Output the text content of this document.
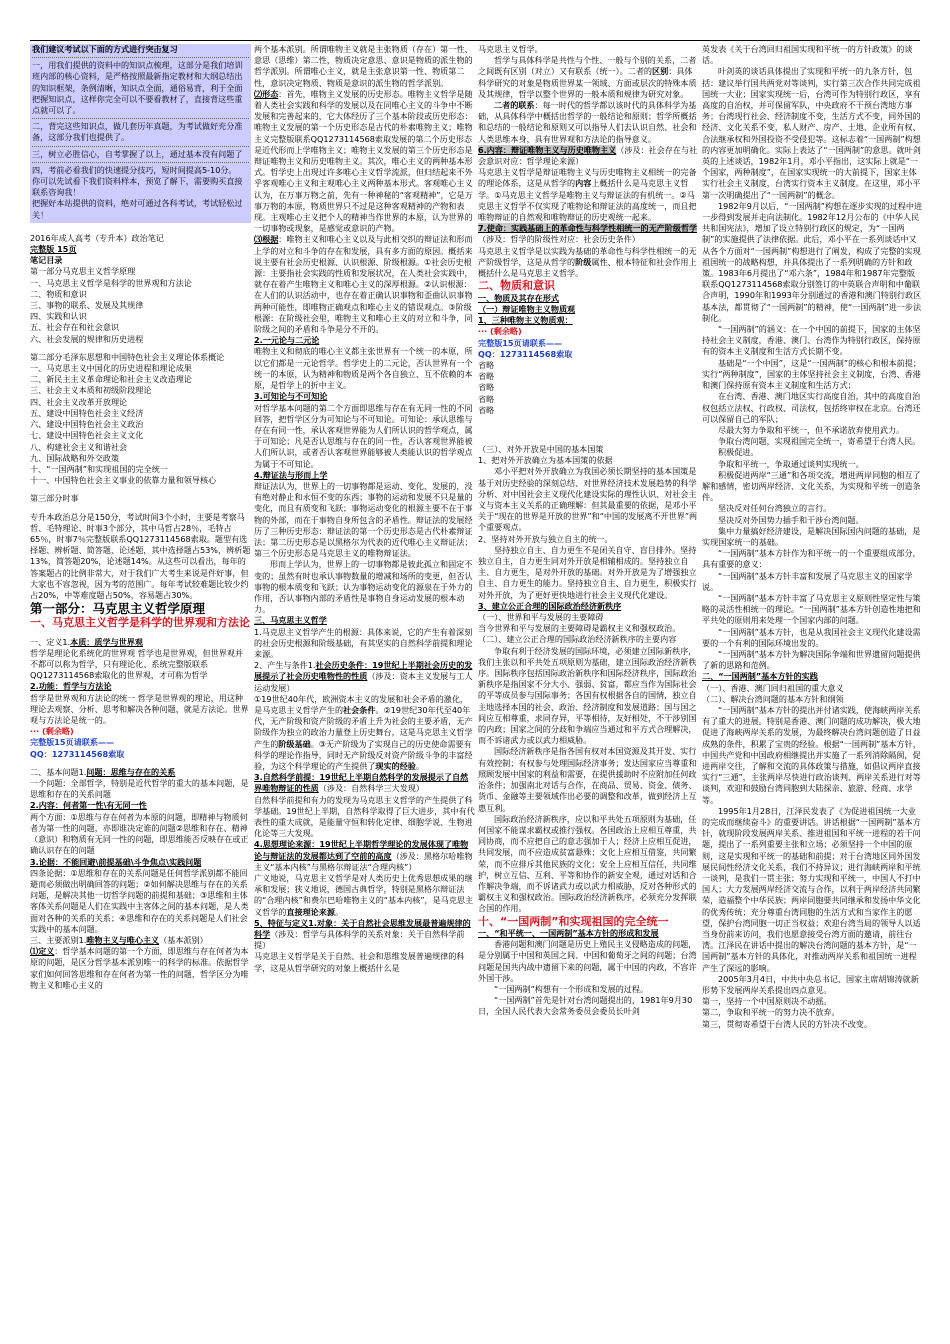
我们建议考试以下面的方式进行突击复习

一，用我们提供的资料中的知识点梳理，这部分是我们培训班内部的核心资料，是严格按照最新指定教材和大纲总结出的知识框架，条例清晰，知识点全面，通俗易背，利于全面把握知识点，这样你完全可以不要看教材了，直接背这些重点就可以了。

二，背完这些知识点，做几套历年真题，为考试做好充分准备，这部分我们也提供了。

三，树立必胜信心，自考掌握了以上，通过基本没有问题了

四，考前必看我们的快速提分技巧，短时间提高5-10分。

你可以先试看下我们资料样本，预览了解下，需要购买直接联系咨询我！

把握好本站提供的资料，绝对可通过各科考试，考试轻松过关！

2016年成人高考（专升本）政治笔记

完整版 15页

笔记目录

第一部分马克思主义哲学原理

一、马克思主义哲学是科学的世界观和方法论

二、物质和意识

三、事物的联系、发展及其规律

四、实践和认识

五、社会存在和社会意识

六、社会发展的规律和历史进程

第二部分毛泽东思想和中国特色社会主义理论体系概论

一、马克思主义中国化的历史进程和理论成果

二、新民主主义革命理论和社会主义改造理论

三、社会主义本质和初级阶段理论

四、社会主义改革开放理论

五、建设中国特色社会主义经济

六、建设中国特色社会主义政治

七、建设中国特色社会主义文化

八、构建社会主义和谐社会

九、国际战略和外交政策

十、“一国两制”和实现祖国的完全统一

十一、中国特色社会主义事业的依靠力量和领导核心

第三部分时事

专升本政治总分是150分，考试时间3个小时，主要是考察马哲、毛特理论、时事3个部分，其中马哲占28％，毛特占65％，时事7％完整版联系QQ1273114568索取。题型有选择题、辨析题、简答题、论述题，其中选择题占53%，辨析题13%，简答题20%，论述题14%。从这些可以看出，每年的答案题占的比例非常大，对于我们广大考生来说是件好事，但大家也不容忽视，因为考的范围广。每年考试较难题比较少约占20%，中等难度题占50%，容易题占30%。

第一部分：马克思主义哲学原理

一、马克思主义哲学是科学的世界观和方法论

一、定义1.本质：质学与世界观

哲学是理论化系统化的世界观 哲学也是世界观，但世界观并不都可以称为哲学，只有理论化、系统完整版联系QQ1273114568索取化的世界观，才可称为哲学

2.功能：哲学与方法论

哲学是世界观和方法论的统一 哲学是世界观的理论，用这种理论去观察、分析、思考和解决各种问题，就是方法论。世界观与方法论是统一的。

··· (剩余略)

完整版15页请联系——

QQ：1273114568索取

二、基本问题1.问题：思维与存在的关系

一个问题：全部哲学，特别是近代哲学的重大的基本问题，是思维和存在的关系问题

2.内容：何者第一性\有无同一性

两个方面：①思维与存在何者为本原的问题，即精神与物质何者为第一性的问题，亦即谁决定谁的问题②思维和存在、精神（意识）和物质有无同一性的问题，即思维能否反映存在或正确认识存在的问题

3.论据：不能回避\前提基础\斗争焦点\实践问题

四条论据：①思维和存在的关系问题是任何哲学派别都不能回避而必须做出明确回答的问题；②如何解决思维与存在的关系问题，是解决其他一切哲学问题的前提和基础；③思维和主体客体关系问题是人们在实践中主客体之间的基本问题，是人类面对各种的关系的关系；④思维和存在的关系问题是人们社会实践中的基本问题。

三、主要派别1.唯物主义与唯心主义（基本派别）

⑴定义：哲学基本问题的第一个方面，即思维与存在何者为本原的问题，是区分哲学基本派别唯一的科学的标准。依据哲学家们如何回答思维和存在何者为第一性的问题，哲学区分为唯物主义和唯心主义的

两个基本派别。所谓唯物主义就是主张物质（存在）第一性、意思（思维）第二性，物质决定意思、意识是物质的派生物的哲学派别。所谓唯心主义，就是主张意识第一性、物质第二性，意识决定物质、物质是意识的派生物的哲学派别。

⑵形态：首先，唯物主义发展的历史形态。唯物主义哲学是随着人类社会实践和科学的发展以及在同唯心主义的斗争中不断发展和完善起来的，它大体经历了三个基本阶段或历史形态：唯物主义发展的第一个历史形态是古代的朴素唯物主义；唯物主义完整版联系QQ1273114568索取发展的第二个历史形态是近代形而上学唯物主义；唯物主义发展的第三个历史形态是辩证唯物主义和历史唯物主义。其次，唯心主义的两种基本形式。哲学史上出现过许多唯心主义哲学流派，但归结起来不外乎客观唯心主义和主观唯心主义两种基本形式。客观唯心主义认为，在万事万物之前，先有一种神秘的“客观精神”，它是万事万物的本原，物质世界只不过是这种客观精神的产物和表现。主观唯心主义把个人的精神当作世界的本原，认为世界的一切事物或现象，是感觉或意识的产物。

⑶根据：唯物主义和唯心主义以及与此相交织的辩证法和形而上学的对立和斗争的存在和发展，具有多方面的原因。概括来说主要有社会历史根源、认识根源、阶级根源。①社会历史根源：主要指社会实践的性质和发展状况，在人类社会实践中，就存在着产生唯物主义和唯心主义的深厚根源。②认识根源：在人们的认识活动中，也存在着正确认识事物和歪曲认识事物两种可能性，即唯物正确观点和唯心主义的错误观点。③阶级根源：在阶级社会里，唯物主义和唯心主义的对立和斗争，同阶级之间的矛盾和斗争是分不开的。

2.一元论与二元论

唯物主义和彻底的唯心主义都主张世界有一个统一的本原，所以它们都是一元论哲学。哲学史上的二元论，否认世界有一个统一的本原，认为精神和物质是两个各自独立、互不依赖的本原，是哲学上的折中主义。

3.可知论与不可知论

对哲学基本问题的第二个方面即思维与存在有无同一性的不同回答，把哲学区分为可知论与不可知论。可知论：承认思维与存在有同一性，承认客观世界能为人们所认识的哲学观点，属于可知论；凡是否认思维与存在的同一性，否认客观世界能被人们所认识，或者否认客观世界能够被人类能认识的哲学观点为属于不可知论。

4.辩证法与形而上学

辩证法认为，世界上的一切事物都是运动、变化、发展的，没有绝对静止和永恒不变的东西；事物的运动和发展不只是量的变化，而且有质变和飞跃；事物运动变化的根源主要不在于事物的外部，而在于事物自身所包含的矛盾性。辩证法的发展经历了三种历史形态：辩证法的第一个历史形态是古代朴素辩证法；第二历史形态是以黑格尔为代表的近代唯心主义辩证法；第三个历史形态是马克思主义的唯物辩证法。

形而上学认为，世界上的一切事物都是彼此孤立和固定不变的；虽然有时也承认事物数量的增减和场所的变更，但否认事物的根本质变和飞跃；认为事物运动变化的源泉在于外力的作用，否认事物内部的矛盾性是事物自身运动发展的根本动力。

三、马克思主义哲学

1.马克思主义哲学产生的根源：具体来说，它的产生有着深刻的社会历史根源和阶级基础，有其坚实的自然科学前提和理论来源。

2、产生与条件1.社会历史条件：19世纪上半期社会历史的发展提示了社会历史唯物性的性质（涉及：资本主义发展与工人运动发展）

①19世纪40年代，欧洲资本主义的发展和社会矛盾的激化，是马克思主义哲学产生的社会条件。②19世纪30年代至40年代，无产阶级和资产阶级的矛盾上升为社会的主要矛盾，无产阶级作为独立的政治力量登上历史舞台，这是马克思主义哲学产生的阶级基础。③无产阶级为了实现自己的历史使命需要有科学的理论作指导，同时无产阶级反对资产阶级斗争的丰富经验，为这个科学理论的产生提供了现实的经验。

3.自然科学前提：19世纪上半期自然科学的发展提示了自然界唯物辩证的性质（涉及：自然科学三大发现）

自然科学前提和有力的发现为马克思主义哲学的产生提供了科学基础。19世纪上半期，自然科学取得了巨大进步，其中有代表性的重大成就，是能量守恒和转化定律、细胞学说、生物进化论等三大发现。

4.思想理论来源：19世纪上半期哲学理论的发展体现了唯物论与辩证法的发展都达到了空前的高度（涉及：黑格尔哈唯物主义“基本内核”与黑格尔辩证法“合理内核”）

广义地说，马克思主义哲学是对人类历史上优秀思想成果的继承和发展；狭义地说，德国古典哲学，特别是黑格尔辩证法的“合理内核”和费尔巴哈唯物主义的“基本内核”，是马克思主义哲学的直接理论来源。

5、特征与定义1.对象：关于自然社会思维发展最普遍规律的科学（涉及：哲学与具体科学的关系对象：关于自然科学前提）

马克思主义哲学是关于自然、社会和思维发展普遍规律的科学，这是从哲学研究的对象上概括什么是

马克思主义哲学。

哲学与具体科学是共性与个性、一般与个别的关系，二者之间既有区别（对立）又有联系（统一）。二者的区别：具体科学研究的对象是物质世界某一领域、方面或层次的特殊本质及其规律，哲学以整个世界的一般本质和规律为研究对象。

二者的联系：每一时代的哲学都以该时代的具体科学为基础，从具体科学中概括出哲学的一般结论和原则；哲学所概括和总结的一般结论和原则又可以指导人们去认识自然、社会和人类思维本身，具有世界观和方法论的指导意义。

6.内容：辩证唯物主义与历史唯物主义（涉及：社会存在与社会意识对应：哲学理论来源）

马克思主义哲学是辩证唯物主义与历史唯物主义相统一的完备的理论体系，这是从哲学的内容上概括什么是马克思主义哲学。①马克思主义哲学是唯物主义与辩证法的有机统一。②马克思主义哲学不仅实现了唯物论和辩证法的高度统一，而且把唯物辩证的自然观和唯物辩证的历史观统一起来。

7.使命：实践基础上的革命性与科学性相统一的无产阶级哲学（涉及：哲学的阶级性对应：社会历史条件）

马克思主义哲学是以实践为基础的革命性与科学性相统一的无产阶级哲学，这是从哲学的阶级属性、根本特征和社会作用上概括什么是马克思主义哲学。

二、物质和意识

一、物质及其存在形式

（一）辩证唯物主义物质观

1、三种唯物主义物质观：

··· (剩余略)

完整版15页请联系——

QQ：1273114568索取

省略

省略

省略

省略

省略

（三）、对外开放是中国的基本国策

1、把对外开放确立为基本国策的依据

邓小平把对外开放确立为我国必须长期坚持的基本国策是基于对历史经验的深刻总结、对世界经济技术发展趋势的科学分析、对中国社会主义现代化建设实际的理性认识、对社会主义与资本主义关系的正确理解：但其最重要的依据，是邓小平关于“现在的世界是开放的世界”和“中国的发展离不开世界”两个重要观点。

2、坚持对外开放与独立自主的统一。

坚持独立自主、自力更生不是闭关自守、盲目排外。坚持独立自主，自力更生同对外开放是相辅相成的。坚持独立自主、自力更生，是对外开放的基础。对外开放是为了增强独立自主、自力更生的能力。坚持独立自主、自力更生，积极实行对外开放，为了更好更快地进行社会主义现代化建设。

3、建立公正合理的国际政治经济新秩序

（一）、世界和平与发展的主要障碍

当今世界和平与发展的主要障碍是霸权主义和强权政治。

（二）、建立公正合理的国际政治经济新秩序的主要内容

争取有利于经济发展的国际环境，必须建立国际新秩序，我们主张以和平共处五项原则为基础，建立国际政治经济新秩序。国际秩序包括国际政治新秩序和国际经济秩序，国际政治新秩序是指国家不分大小、强弱、贫富，都应当作为国际社会的平等成员参与国际事务；各国有权根据各自的国情，独立自主地选择本国的社会、政治、经济制度和发展道路；国与国之间应互相尊重，求同存异，平等相待，友好相处，不干涉别国的内政；国家之间的分歧和争端应当通过和平方式合理解决，而不诉诸武力或以武力相威胁。

国际经济新秩序是指各国有权对本国资源及其开发、实行有效控制；有权参与处理国际经济事务；发达国家应当尊重和照顾发展中国家的利益和需要，在提供援助时不应附加任何政治条件；加强南北对话与合作，在商品、贸易、资金、债务、货币、金融等主要领域作出必要的调整和改革，做到经济上互惠互利。

国际政治经济新秩序，应以和平共处五项原则为基础，任何国家不能谋求霸权或推行强权。各国政治上应相互尊重，共同协商，而不应把自己的意志强加于人；经济上应相互促进，共同发展，而不应造成贫富悬殊；文化上应相互借鉴，共同繁荣，而不应排斥其他民族的文化；安全上应相互信任，共同维护，树立互信、互利、平等和协作的新安全观，通过对话和合作解决争端，而不诉诸武力或以武力相威胁，反对各种形式的霸权主义和强权政治。国际政治经济新秩序，必须充分发挥联合国的作用。

十、“一国两制”和实现祖国的完全统一

一、“和平统一、一国两制”基本方针的形成和发展

香港问题和澳门问题是历史上殖民主义侵略造成的问题，是分别属于中国和英国之间、中国和葡萄牙之间的问题；台湾问题是国共内战中遗留下来的问题，属于中国的内政，不容许外国干涉。

“一国两制”构想有一个形成和发展的过程。

“一国两制”首先是针对台湾问题提出的，1981年9月30日，全国人民代表大会常务委员会委员长叶剑

英发表《关于台湾回归祖国实现和平统一的方针政策》的谈话。

叶剑英的谈话具体提出了实现和平统一的九条方针，包括：建议举行国共两党对等谈判，实行第三次合作共同完成祖国统一大业；国家实现统一后，台湾可作为特别行政区，享有高度的自治权，并可保留军队，中央政府不干预台湾地方事务；台湾现行社会、经济制度不变，生活方式不变，同外国的经济、文化关系不变，私人财产、房产、土地、企业所有权、合法继承权和外国投资不受侵犯等。这标志着“一国两制”构想的内容更加明确化。实际上表达了“一国两制”的意思。就叶剑英的上述谈话，1982年1月，邓小平指出，这实际上就是“一个国家，两种制度”，在国家实现统一的大前提下，国家主体实行社会主义制度，台湾实行资本主义制度。在这里，邓小平第一次明确提出了“一国两制”的概念。

1982年9月以后，“一国两制”构想在逐步实现的过程中进一步得到发展并走向法制化。1982年12月公布的《中华人民共和国宪法》，增加了设立特别行政区的规定，为“一国两制”的实施提供了法律依据。此后，邓小平在一系列谈话中又从各个方面对“一国两制”构想进行了阐发，构成了完整的实现祖国统一的战略构想，并具体提出了一系列明确的方针和政策。1983年6月提出了“邓六条”，1984年和1987年完整版联系QQ1273114568索取分别签订的中英联合声明和中葡联合声明，1990年和1993年分别通过的香港和澳门特别行政区基本法，都贯彻了“一国两制”的精神，使“一国两制”进一步法制化。

“一国两制”的涵义：在一个中国的前提下，国家的主体坚持社会主义制度，香港、澳门、台湾作为特别行政区，保持原有的资本主义制度和生活方式长期不变。

基础是“一个中国”，这是“一国两制”的核心和根本前提；实行“两种制度”，国家的主体坚持社会主义制度，台湾、香港和澳门保持原有资本主义制度和生活方式；

在台湾、香港、澳门地区实行高度自治，其中的高度自治权包括立法权、行政权、司法权，包括终审权在北京。台湾还可以保留自己的军队；

尽最大努力争取和平统一，但不承诺放弃使用武力。

争取台湾问题，实现祖国完全统一，寄希望于台湾人民。

积极促进。

争取和平统一，争取通过谈判实现统一。

积极促进两岸“三通”和各项交流，增进两岸同胞的相互了解和感情，密切两岸经济、文化关系，为实现和平统一创造条件。

坚决反对任何台湾独立的言行。

坚决反对外国势力插手和干涉台湾问题。

集中力量搞好经济建设，是解决国际国内问题的基础，是实现国家统一的基础。

“一国两制”基本方针作为和平统一的一个重要组成部分，具有重要的意义：

“一国两制”基本方针丰富和发展了马克思主义的国家学说。

“一国两制”基本方针丰富了马克思主义原则性坚定性与策略的灵活性相统一的理论。“一国两制”基本方针创造性地把和平共处的原则用来处理一个国家内部的问题。

“一国两制”基本方针，也是从我国社会主义现代化建设需要的一个有利的国际环境出发的。

“一国两制”基本方针为解决国际争端和世界遗留问题提供了新的思路和范例。

二、“一国两制”基本方针的实践

（一）、香港、澳门回归祖国的重大意义

（二）、解决台湾问题的基本方针和纲领

“一国两制”基本方针的提出并付诸实践，使海峡两岸关系有了重大的进展。特别是香港、澳门问题的成功解决，极大地促进了海峡两岸关系的发展，为最终解决台湾问题创造了日益成熟的条件，积累了宝贵的经验。根据“一国两制”基本方针，中国共产党和中国政府相继提出并实施了一系列消除隔阂，促进两岸交往，了解和交流的具体政策与措施，如倡议两岸直接实行“三通”，主张两岸尽快进行政治谈判、两岸关系进行对等谈判，欢迎和鼓励台湾同胞到大陆探亲、旅游、经商、求学等。

1995年1月28日，江泽民发表了《为促进祖国统一大业的完成而继续奋斗》的重要讲话。讲话根据“一国两制”基本方针，就现阶段发展两岸关系、推进祖国和平统一进程的若干问题，提出了一系列重要主张和立场；必须坚持一个中国的原则，这是实现和平统一的基础和前提；对于台湾地区同外国发展民间性经济文化关系，我们不持异议；进行海峡两岸和平统一谈判，是我们一贯主张；努力实现和平统一，中国人不打中国人；大力发展两岸经济交流与合作，以利于两岸经济共同繁荣，造福整个中华民族；两岸同胞要共同继承和发扬中华文化的优秀传统；充分尊重台湾同胞的生活方式和当家作主的愿望，保护台湾同胞一切正当权益；欢迎台湾当局的领导人以适当身份前来访问，我们也愿意接受台湾方面的邀请，前往台湾。江泽民在讲话中提出的解决台湾问题的基本方针，是“一国两制”基本方针的具体化，对推动两岸关系和祖国统一进程产生了深远的影响。

2005年3月4日，中共中央总书记、国家主席胡锦涛就新形势下发展两岸关系提出四点意见。

第一，坚持一个中国原则决不动摇。

第二，争取和平统一的努力决不放弃。

第三，贯彻寄希望于台湾人民的方针决不改变。
